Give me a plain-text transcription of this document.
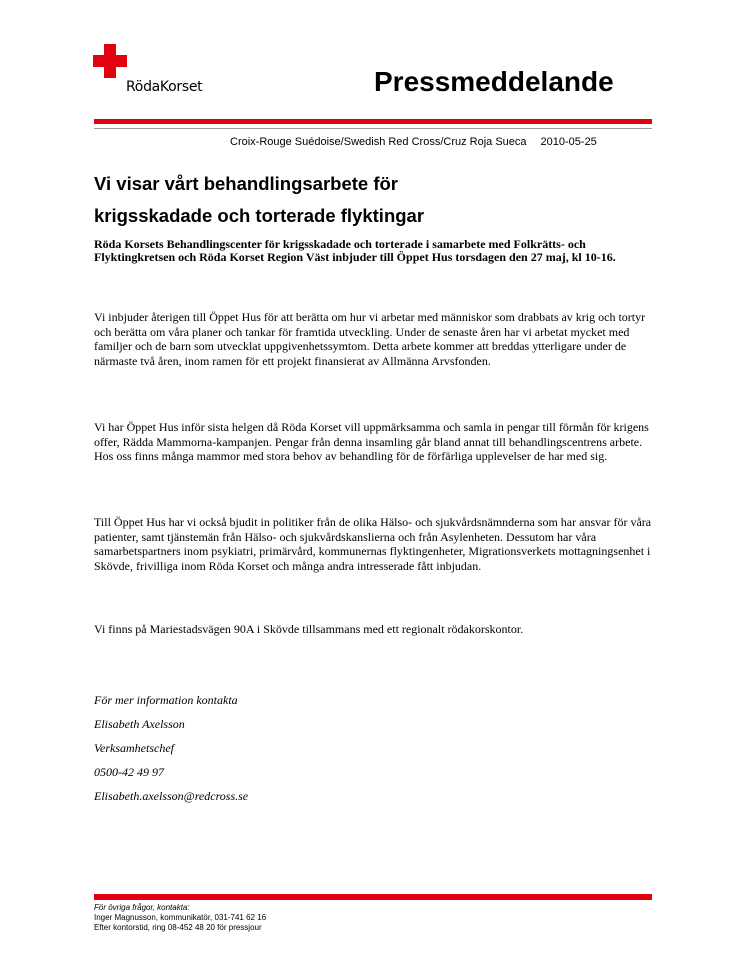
RödaKorset	Pressmeddelande
Croix-Rouge Suédoise/Swedish Red Cross/Cruz Roja Sueca 2010-05-25
Vi visar vårt behandlingsarbete för
krigsskadade och torterade flyktingar
Röda Korsets Behandlingscenter för krigsskadade och torterade i samarbete med Folkrätts- och Flyktingkretsen och Röda Korset Region Väst inbjuder till Öppet Hus torsdagen den 27 maj, kl 10-16.
Vi inbjuder återigen till Öppet Hus för att berätta om hur vi arbetar med människor som drabbats av krig och tortyr och berätta om våra planer och tankar för framtida utveckling. Under de senaste åren har vi arbetat mycket med familjer och de barn som utvecklat uppgivenhetssymtom. Detta arbete kommer att breddas ytterligare under de närmaste två åren, inom ramen för ett projekt finansierat av Allmänna Arvsfonden.
Vi har Öppet Hus inför sista helgen då Röda Korset vill uppmärksamma och samla in pengar till förmån för krigens offer, Rädda Mammorna-kampanjen. Pengar från denna insamling går bland annat till behandlingscentrens arbete. Hos oss finns många mammor med stora behov av behandling för de förfärliga upplevelser de har med sig.
Till Öppet Hus har vi också bjudit in politiker från de olika Hälso- och sjukvårdsnämnderna som har ansvar för våra patienter, samt tjänstemän från Hälso- och sjukvårdskanslierna och från Asylenheten. Dessutom har våra samarbetspartners inom psykiatri, primärvård, kommunernas flyktingenheter, Migrationsverkets mottagningsenhet i Skövde, frivilliga inom Röda Korset och många andra intresserade fått inbjudan.
Vi finns på Mariestadsvägen 90A i Skövde tillsammans med ett regionalt rödakorskontor.
För mer information kontakta
Elisabeth Axelsson
Verksamhetschef
0500-42 49 97
Elisabeth.axelsson@redcross.se
För övriga frågor, kontakta:
Inger Magnusson, kommunikatör, 031-741 62 16
Efter kontorstid, ring 08-452 48 20 för pressjour
